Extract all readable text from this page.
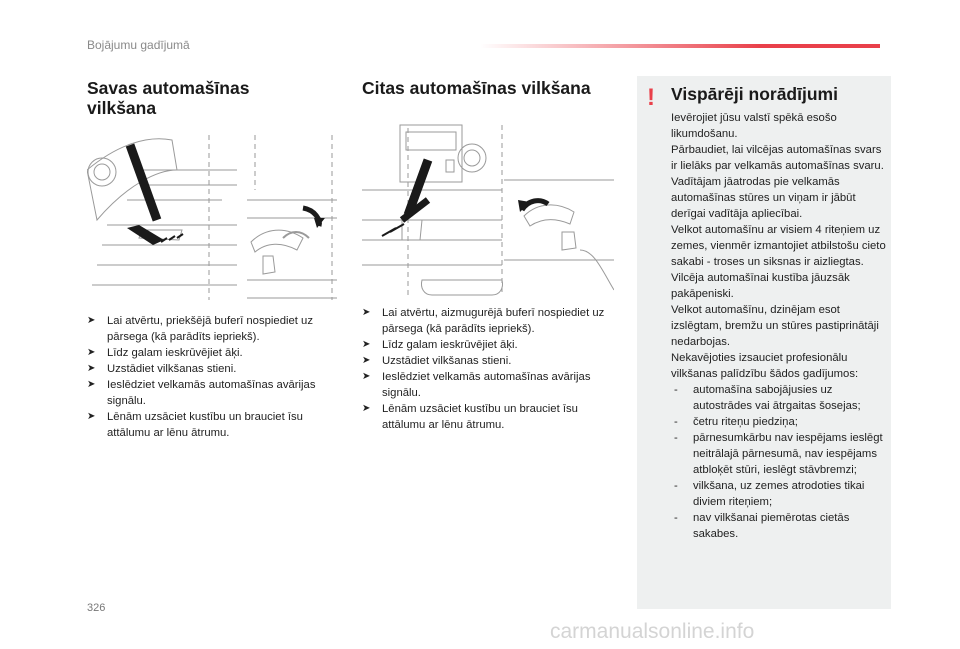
Bojājumu gadījumā
Savas automašīnas
vilkšana
➤ Lai atvērtu, priekšējā buferī nospiediet uz pārsega (kā parādīts iepriekš).
➤ Līdz galam ieskrūvējiet āķi.
➤ Uzstādiet vilkšanas stieni.
➤ Ieslēdziet velkamās automašīnas avārijas signālu.
➤ Lēnām uzsāciet kustību un brauciet īsu attālumu ar lēnu ātrumu.
Citas automašīnas vilkšana
➤ Lai atvērtu, aizmugurējā buferī nospiediet uz pārsega (kā parādīts iepriekš).
➤ Līdz galam ieskrūvējiet āķi.
➤ Uzstādiet vilkšanas stieni.
➤ Ieslēdziet velkamās automašīnas avārijas signālu.
➤ Lēnām uzsāciet kustību un brauciet īsu attālumu ar lēnu ātrumu.
! Vispārēji norādījumi

Ievērojiet jūsu valstī spēkā esošo likumdošanu.

Pārbaudiet, lai vilcējas automašīnas svars ir lielāks par velkamās automašīnas svaru.

Vadītājam jāatrodas pie velkamās automašīnas stūres un viņam ir jābūt derīgai vadītāja apliecībai.

Velkot automašīnu ar visiem 4 riteņiem uz zemes, vienmēr izmantojiet atbilstošu cieto sakabi - troses un siksnas ir aizliegtas.

Vilcēja automašīnai kustība jāuzsāk pakāpeniski.

Velkot automašīnu, dzinējam esot izslēgtam, bremžu un stūres pastiprinātāji nedarbojas.

Nekavējoties izsauciet profesionālu vilkšanas palīdzību šādos gadījumos:

- automašīna sabojājusies uz autostrādes vai ātrgaitas šosejas;
- četru riteņu piedziņa;
- pārnesumkārbu nav iespējams ieslēgt neitrālajā pārnesumā, nav iespējams atbloķēt stūri, ieslēgt stāvbremzi;
- vilkšana, uz zemes atrodoties tikai diviem riteņiem;
- nav vilkšanai piemērotas cietās sakabes.
326
carmanualsonline.info
